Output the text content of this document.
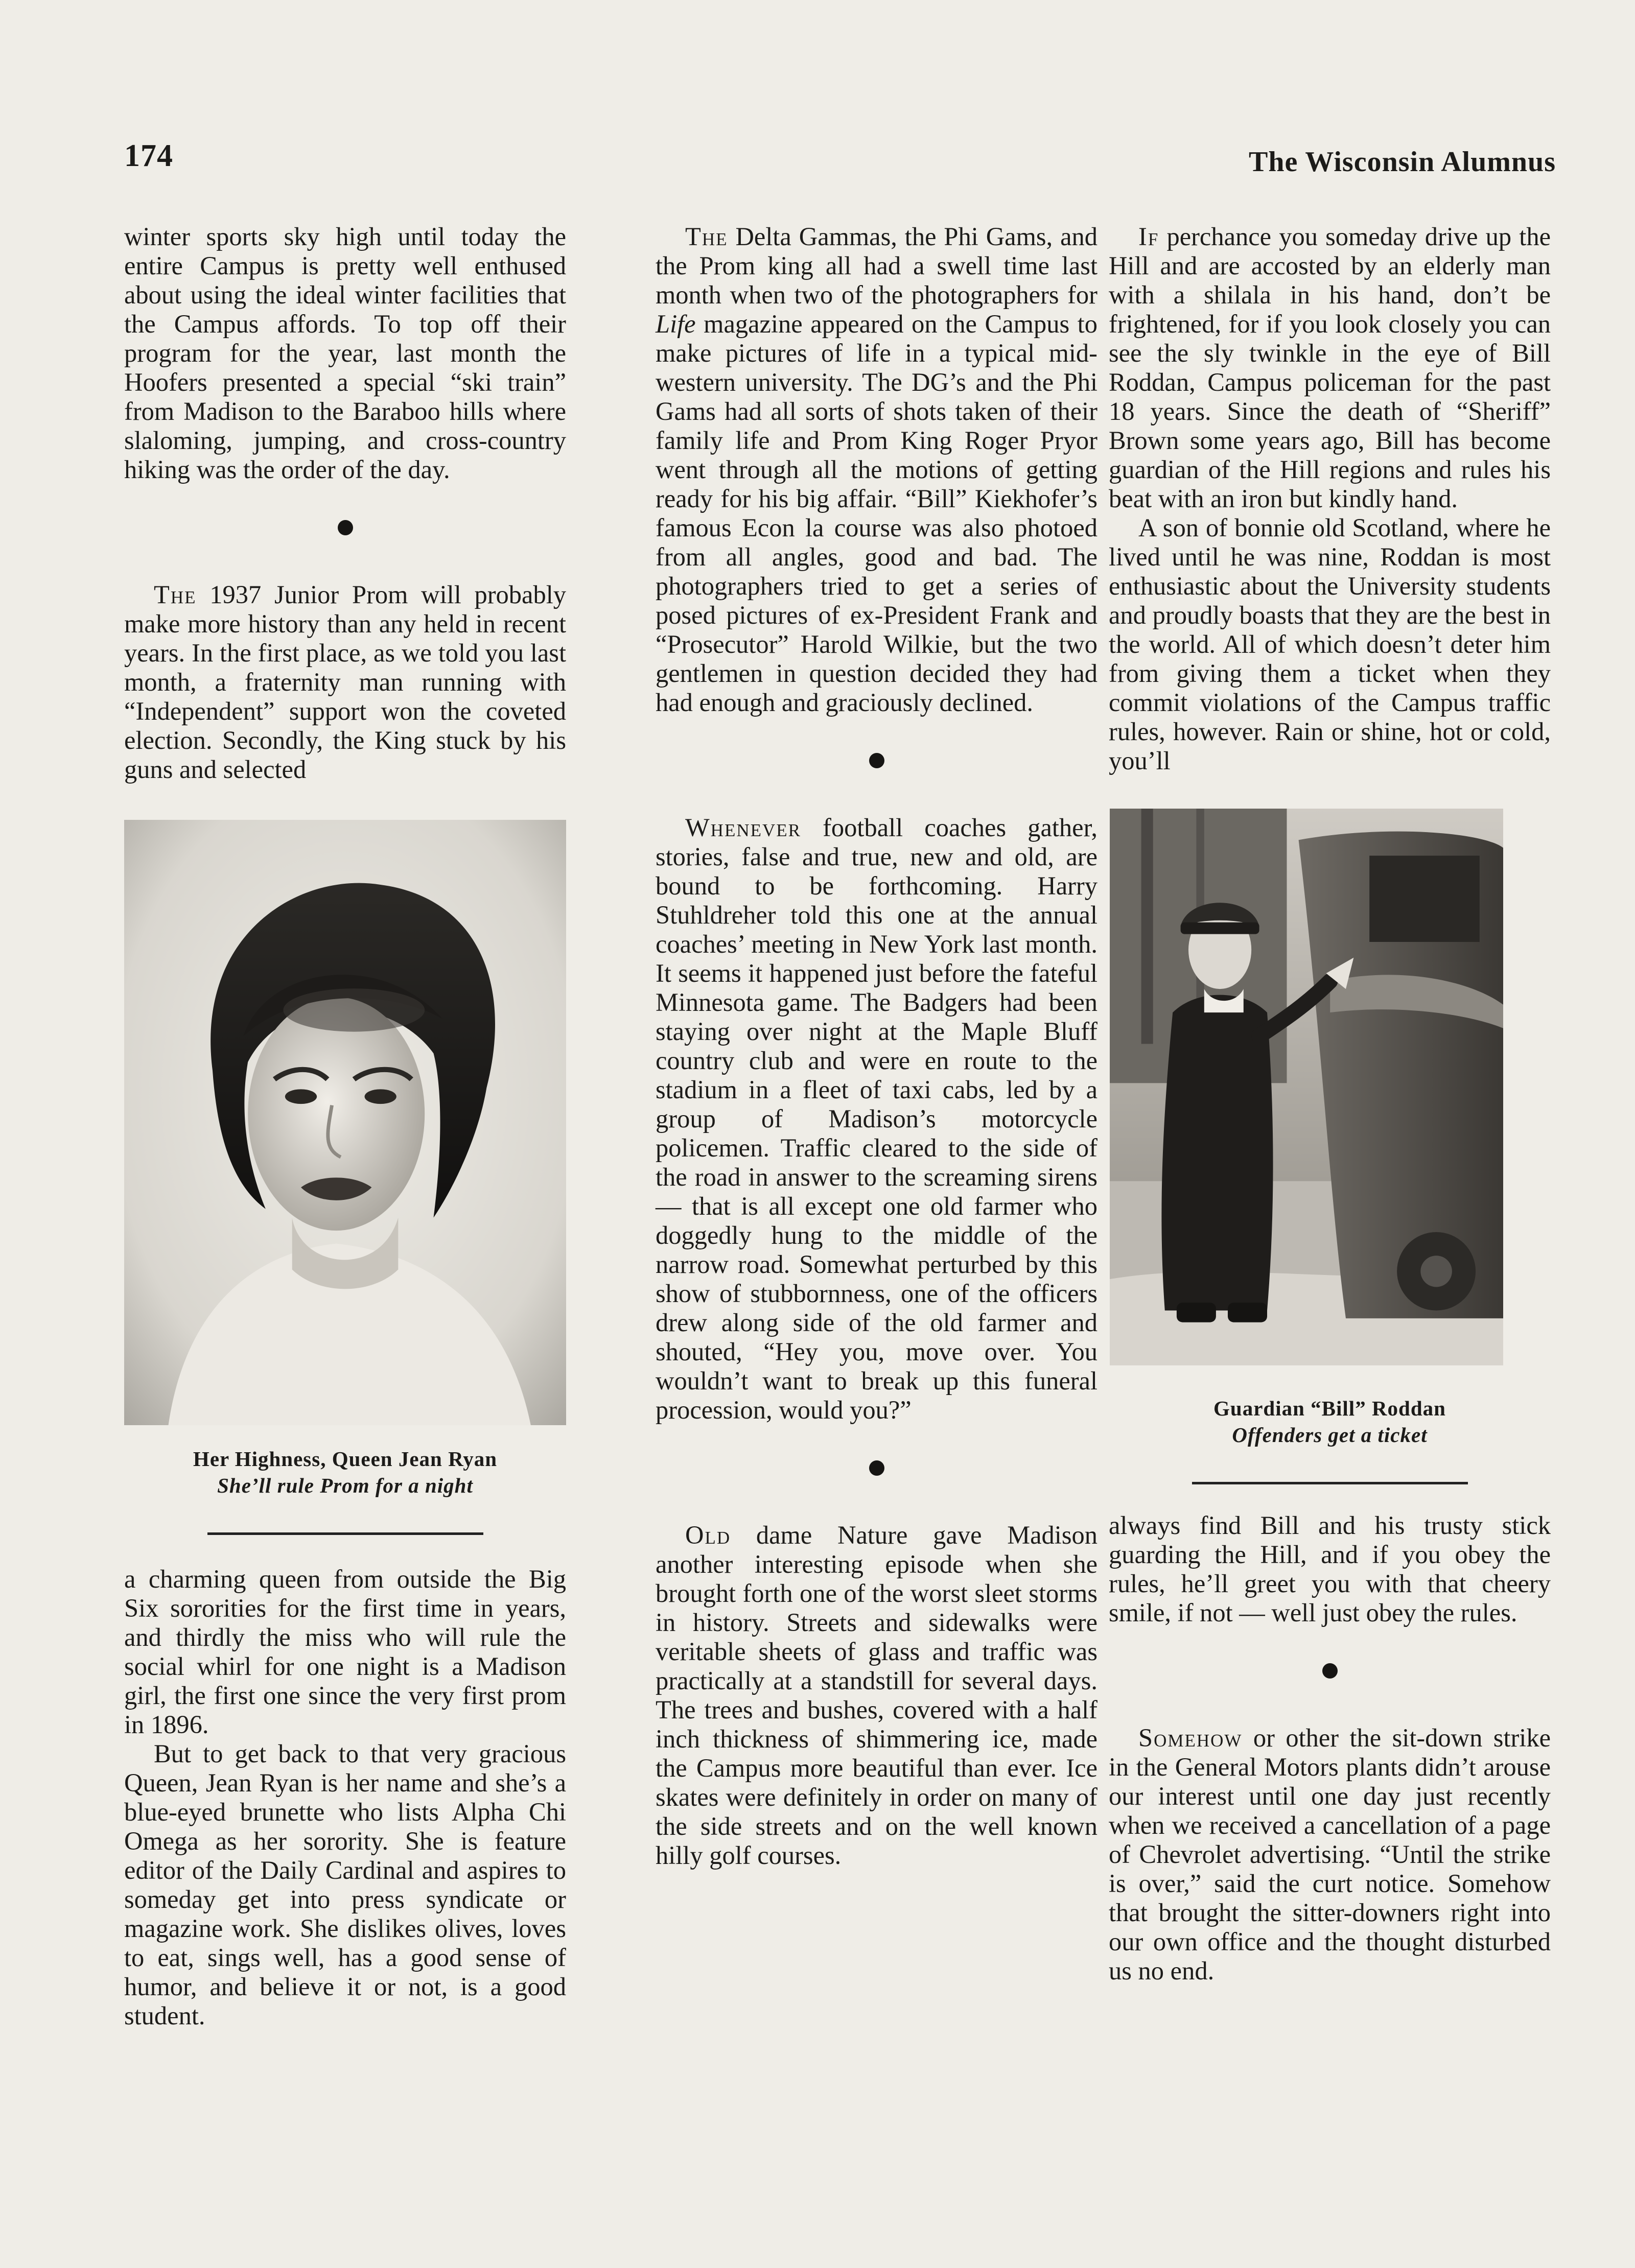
174	The Wisconsin Alumnus

winter sports sky high until today the entire Campus is pretty well enthused about using the ideal winter facilities that the Campus affords. To top off their program for the year, last month the Hoofers presented a special “ski train” from Madison to the Baraboo hills where slaloming, jumping, and cross-country hiking was the order of the day.

The 1937 Junior Prom will probably make more history than any held in recent years. In the first place, as we told you last month, a fraternity man running with “Independent” support won the coveted election. Secondly, the King stuck by his guns and selected

Her Highness, Queen Jean Ryan
She’ll rule Prom for a night

a charming queen from outside the Big Six sororities for the first time in years, and thirdly the miss who will rule the social whirl for one night is a Madison girl, the first one since the very first prom in 1896.

But to get back to that very gracious Queen, Jean Ryan is her name and she’s a blue-eyed brunette who lists Alpha Chi Omega as her sorority. She is feature editor of the Daily Cardinal and aspires to someday get into press syndicate or magazine work. She dislikes olives, loves to eat, sings well, has a good sense of humor, and believe it or not, is a good student.

The Delta Gammas, the Phi Gams, and the Prom king all had a swell time last month when two of the photographers for Life magazine appeared on the Campus to make pictures of life in a typical mid-western university. The DG’s and the Phi Gams had all sorts of shots taken of their family life and Prom King Roger Pryor went through all the motions of getting ready for his big affair. “Bill” Kiekhofer’s famous Econ la course was also photoed from all angles, good and bad. The photographers tried to get a series of posed pictures of ex-President Frank and “Prosecutor” Harold Wilkie, but the two gentlemen in question decided they had had enough and graciously declined.

Whenever football coaches gather, stories, false and true, new and old, are bound to be forthcoming. Harry Stuhldreher told this one at the annual coaches’ meeting in New York last month. It seems it happened just before the fateful Minnesota game. The Badgers had been staying over night at the Maple Bluff country club and were en route to the stadium in a fleet of taxi cabs, led by a group of Madison’s motorcycle policemen. Traffic cleared to the side of the road in answer to the screaming sirens — that is all except one old farmer who doggedly hung to the middle of the narrow road. Somewhat perturbed by this show of stubbornness, one of the officers drew along side of the old farmer and shouted, “Hey you, move over. You wouldn’t want to break up this funeral procession, would you?”

Old dame Nature gave Madison another interesting episode when she brought forth one of the worst sleet storms in history. Streets and sidewalks were veritable sheets of glass and traffic was practically at a standstill for several days. The trees and bushes, covered with a half inch thickness of shimmering ice, made the Campus more beautiful than ever. Ice skates were definitely in order on many of the side streets and on the well known hilly golf courses.

If perchance you someday drive up the Hill and are accosted by an elderly man with a shilala in his hand, don’t be frightened, for if you look closely you can see the sly twinkle in the eye of Bill Roddan, Campus policeman for the past 18 years. Since the death of “Sheriff” Brown some years ago, Bill has become guardian of the Hill regions and rules his beat with an iron but kindly hand.

A son of bonnie old Scotland, where he lived until he was nine, Roddan is most enthusiastic about the University students and proudly boasts that they are the best in the world. All of which doesn’t deter him from giving them a ticket when they commit violations of the Campus traffic rules, however. Rain or shine, hot or cold, you’ll

Guardian “Bill” Roddan
Offenders get a ticket

always find Bill and his trusty stick guarding the Hill, and if you obey the rules, he’ll greet you with that cheery smile, if not — well just obey the rules.

Somehow or other the sit-down strike in the General Motors plants didn’t arouse our interest until one day just recently when we received a cancellation of a page of Chevrolet advertising. “Until the strike is over,” said the curt notice. Somehow that brought the sitter-downers right into our own office and the thought disturbed us no end.
